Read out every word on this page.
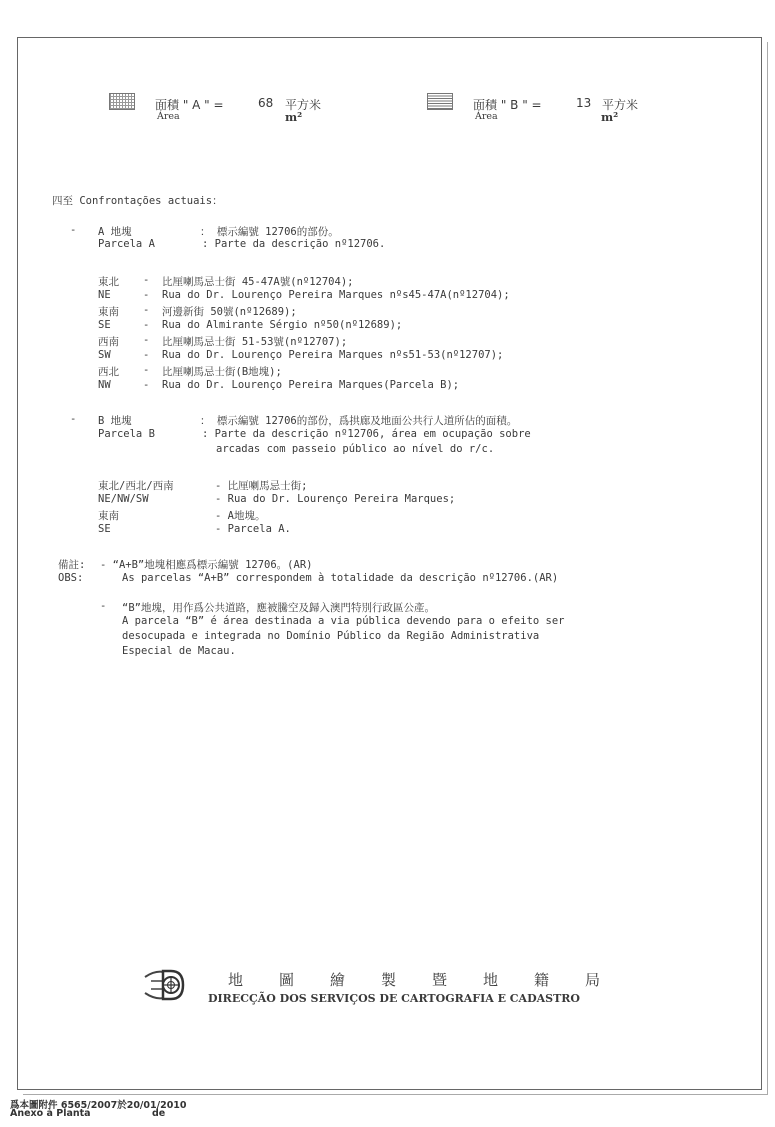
面積 " A " =
Área
68 平方米
m²
面積 " B " =
Área
13 平方米
m²
四至 Confrontações actuais：
- A 地塊	： 標示編號 12706的部份。
Parcela A	: Parte da descrição nº12706.
東北 - 比厘喇馬忌士街 45-47A號(nº12704);
NE	- Rua do Dr. Lourenço Pereira Marques nºs45-47A(nº12704);
東南 - 河邊新街 50號(nº12689);
SE	- Rua do Almirante Sérgio nº50(nº12689);
西南 - 比厘喇馬忌士街 51-53號(nº12707);
SW	- Rua do Dr. Lourenço Pereira Marques nºs51-53(nº12707);
西北 - 比厘喇馬忌士街(B地塊);
NW	- Rua do Dr. Lourenço Pereira Marques(Parcela B);
- B 地塊	： 標示編號 12706的部份，爲拱廊及地面公共行人道所佔的面積。
Parcela B	: Parte da descrição nº12706, área em ocupação sobre
arcadas com passeio público ao nível do r/c.
東北/西北/西南	- 比厘喇馬忌士街;
NE/NW/SW	- Rua do Dr. Lourenço Pereira Marques;
東南	- A地塊。
SE	- Parcela A.
備註: - “A+B”地塊相應爲標示編號 12706。(AR)
OBS:	As parcelas “A+B” correspondem à totalidade da descrição nº12706.(AR)
- “B”地塊，用作爲公共道路，應被騰空及歸入澳門特別行政區公產。
A parcela “B” é área destinada a via pública devendo para o efeito ser
desocupada e integrada no Domínio Público da Região Administrativa
Especial de Macau.
地 圖 繪 製 暨 地 籍 局
DIRECÇÃO DOS SERVIÇOS DE CARTOGRAFIA E CADASTRO
爲本圖附件 6565/2007於20/01/2010
Anexo à Planta	de
